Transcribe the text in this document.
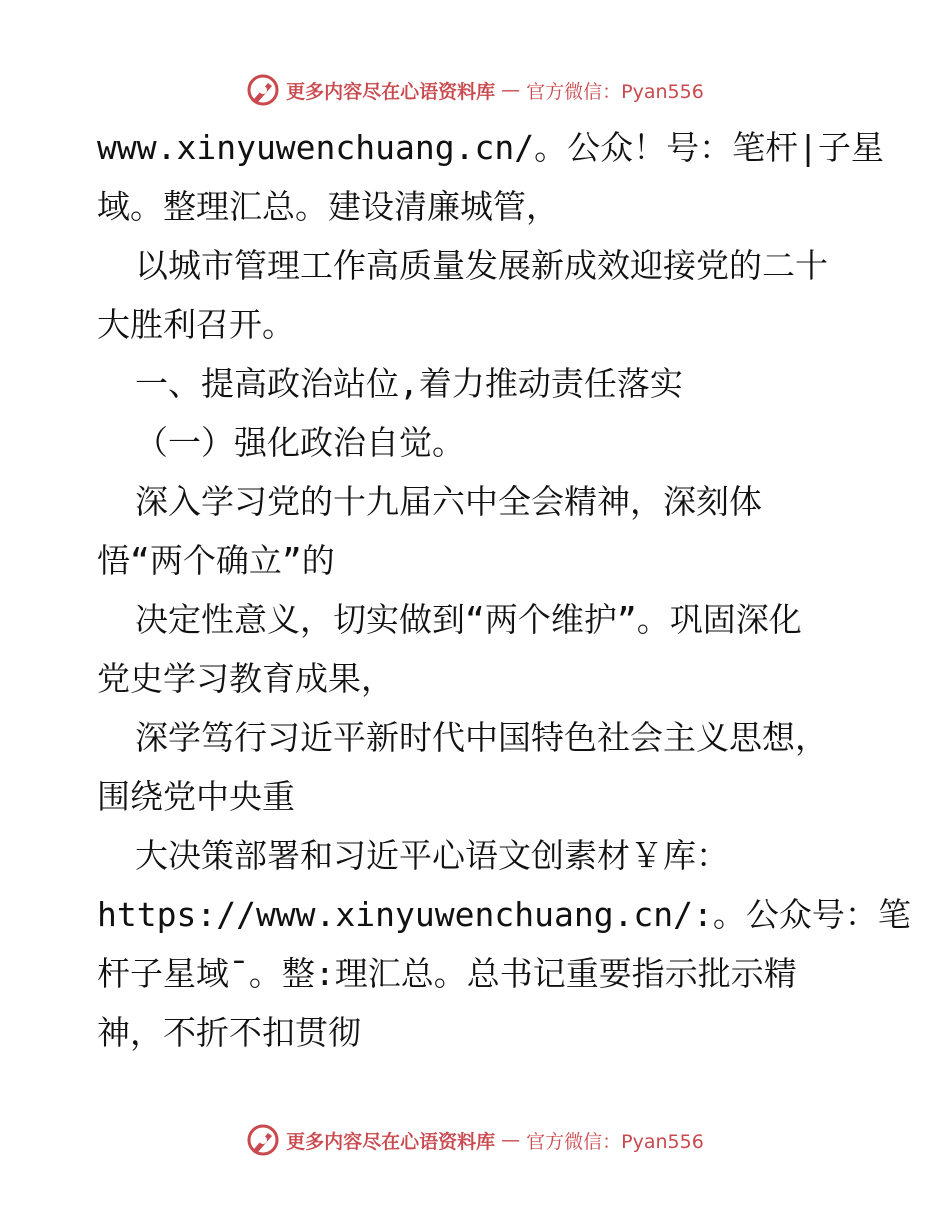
更多内容尽在心语资料库 — 官方微信：Pyan556
www.xinyuwenchuang.cn/。公众！号：笔杆|子星
域。整理汇总。建设清廉城管，
以城市管理工作高质量发展新成效迎接党的二十
大胜利召开。
一、提高政治站位,着力推动责任落实
（一）强化政治自觉。
深入学习党的十九届六中全会精神，深刻体
悟“两个确立”的
决定性意义，切实做到“两个维护”。巩固深化
党史学习教育成果，
深学笃行习近平新时代中国特色社会主义思想，
围绕党中央重
大决策部署和习近平心语文创素材￥库：
https://www.xinyuwenchuang.cn/:。公众号：笔
杆子星域¯。整:理汇总。总书记重要指示批示精
神，不折不扣贯彻
更多内容尽在心语资料库 — 官方微信：Pyan556
